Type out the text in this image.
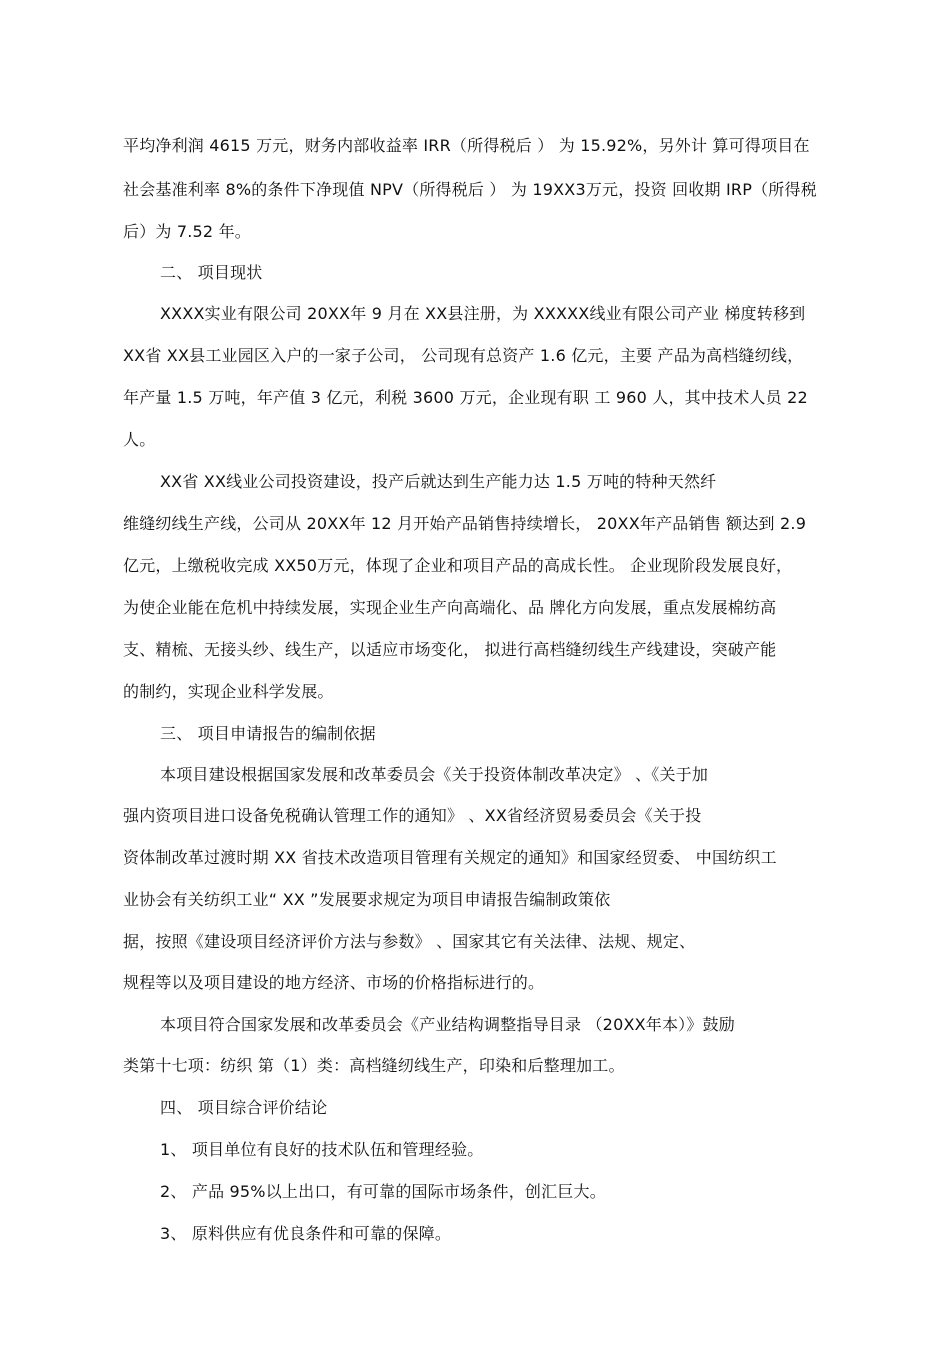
平均净利润 4615 万元，财务内部收益率 IRR（所得税后 ） 为 15.92%，另外计 算可得项目在
社会基准利率 8%的条件下净现值 NPV（所得税后 ） 为 19XX3万元，投资 回收期 IRP（所得税
后）为 7.52 年。
二、 项目现状
XXXX实业有限公司 20XX年 9 月在 XX县注册，为 XXXXX线业有限公司产业 梯度转移到
XX省 XX县工业园区入户的一家子公司， 公司现有总资产 1.6 亿元，主要 产品为高档缝纫线，
年产量 1.5 万吨，年产值 3 亿元，利税 3600 万元，企业现有职 工 960 人，其中技术人员 22
人。
XX省 XX线业公司投资建设，投产后就达到生产能力达 1.5 万吨的特种天然纤
维缝纫线生产线，公司从 20XX年 12 月开始产品销售持续增长， 20XX年产品销售 额达到 2.9
亿元，上缴税收完成 XX50万元，体现了企业和项目产品的高成长性。 企业现阶段发展良好，
为使企业能在危机中持续发展，实现企业生产向高端化、品 牌化方向发展，重点发展棉纺高
支、精梳、无接头纱、线生产，以适应市场变化， 拟进行高档缝纫线生产线建设，突破产能
的制约，实现企业科学发展。
三、 项目申请报告的编制依据
本项目建设根据国家发展和改革委员会《关于投资体制改革决定》 、《关于加
强内资项目进口设备免税确认管理工作的通知》 、XX省经济贸易委员会《关于投
资体制改革过渡时期 XX 省技术改造项目管理有关规定的通知》和国家经贸委、 中国纺织工
业协会有关纺织工业“ XX ”发展要求规定为项目申请报告编制政策依
据，按照《建设项目经济评价方法与参数》 、国家其它有关法律、法规、规定、
规程等以及项目建设的地方经济、市场的价格指标进行的。
本项目符合国家发展和改革委员会《产业结构调整指导目录 （20XX年本）》鼓励
类第十七项：纺织 第（1）类：高档缝纫线生产，印染和后整理加工。
四、 项目综合评价结论
1、 项目单位有良好的技术队伍和管理经验。
2、 产品 95%以上出口，有可靠的国际市场条件，创汇巨大。
3、 原料供应有优良条件和可靠的保障。
